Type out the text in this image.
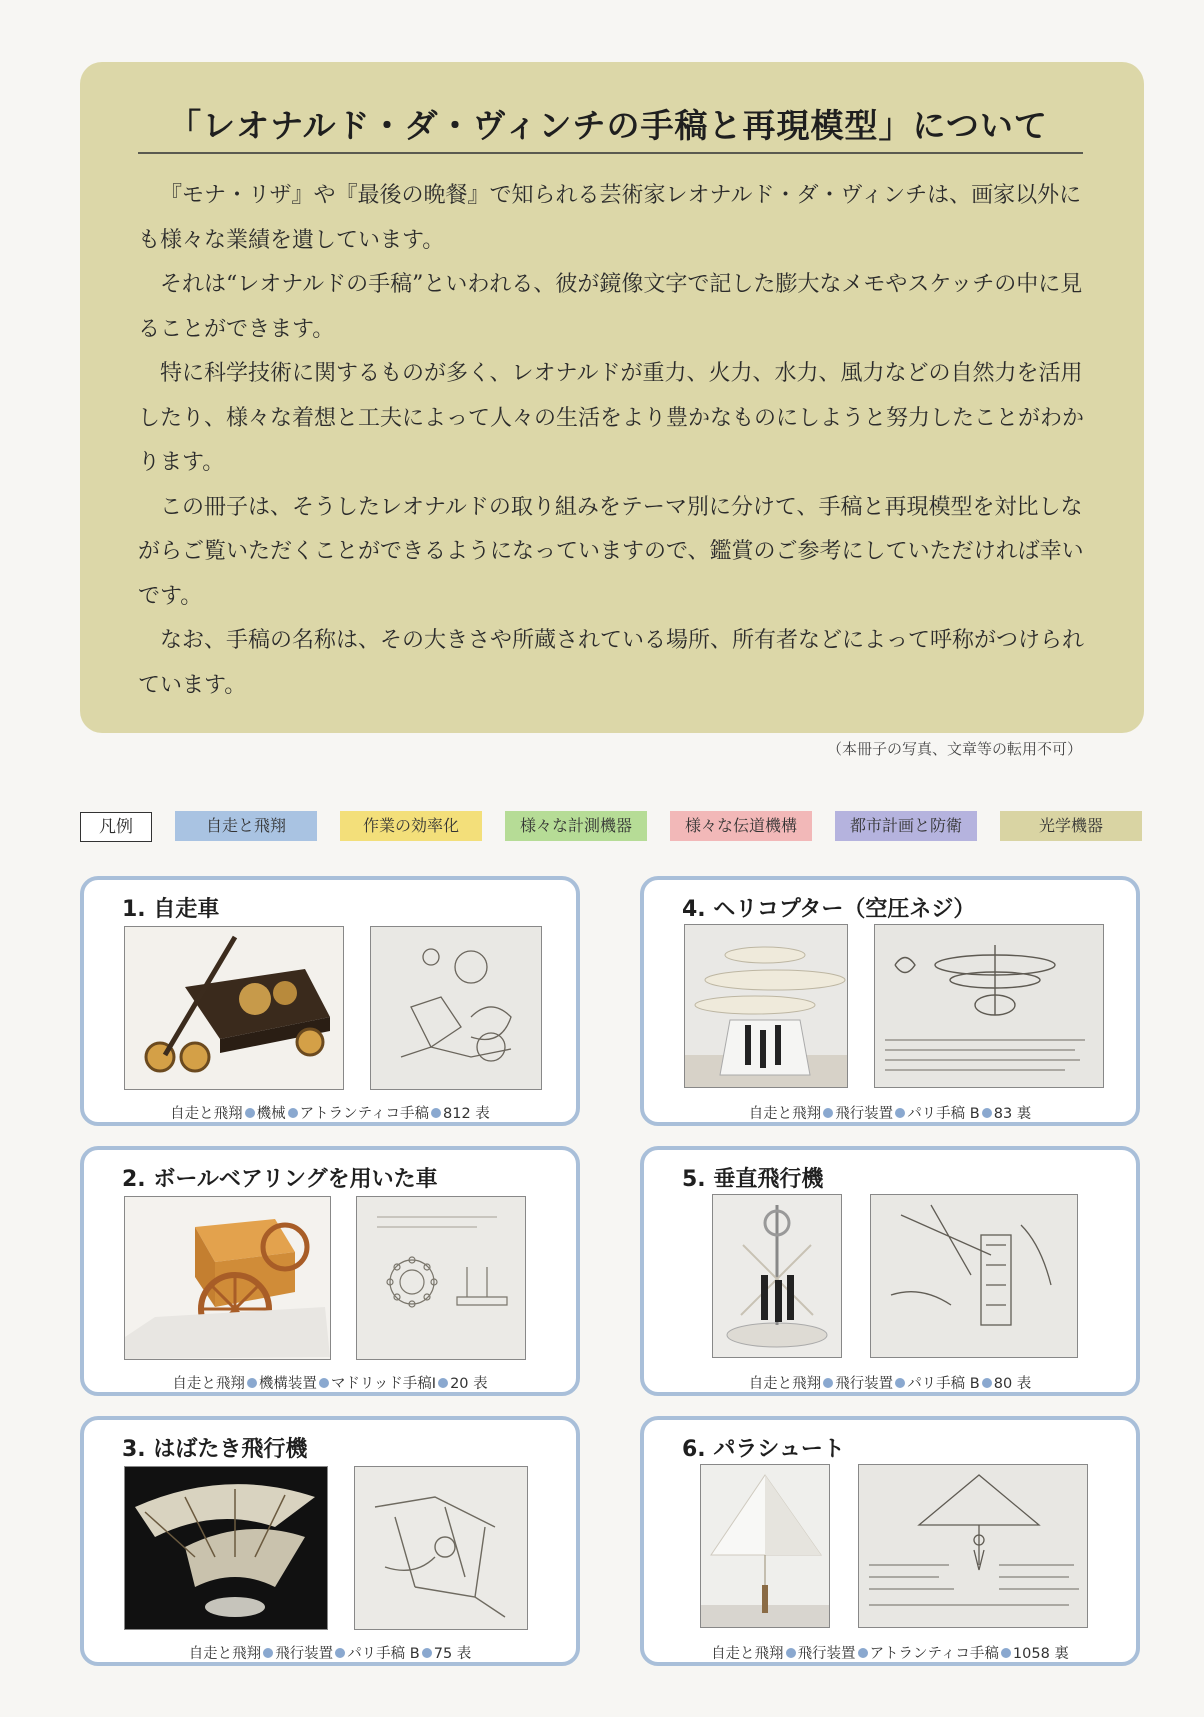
「レオナルド・ダ・ヴィンチの手稿と再現模型」について

『モナ・リザ』や『最後の晩餐』で知られる芸術家レオナルド・ダ・ヴィンチは、画家以外にも様々な業績を遺しています。

それは“レオナルドの手稿”といわれる、彼が鏡像文字で記した膨大なメモやスケッチの中に見ることができます。

特に科学技術に関するものが多く、レオナルドが重力、火力、水力、風力などの自然力を活用したり、様々な着想と工夫によって人々の生活をより豊かなものにしようと努力したことがわかります。

この冊子は、そうしたレオナルドの取り組みをテーマ別に分けて、手稿と再現模型を対比しながらご覧いただくことができるようになっていますので、鑑賞のご参考にしていただければ幸いです。

なお、手稿の名称は、その大きさや所蔵されている場所、所有者などによって呼称がつけられています。

（本冊子の写真、文章等の転用不可）
凡例	自走と飛翔	作業の効率化	様々な計測機器	様々な伝道機構	都市計画と防衛	光学機器
1. 自走車
自走と飛翔 機械 アトランティコ手稿 812 表
2. ボールベアリングを用いた車
自走と飛翔 機構装置 マドリッド手稿Ⅰ 20 表
3. はばたき飛行機
自走と飛翔 飛行装置 パリ手稿 B 75 表
4. ヘリコプター（空圧ネジ）
自走と飛翔 飛行装置 パリ手稿 B 83 裏
5. 垂直飛行機
自走と飛翔 飛行装置 パリ手稿 B 80 表
6. パラシュート
自走と飛翔 飛行装置 アトランティコ手稿 1058 裏
